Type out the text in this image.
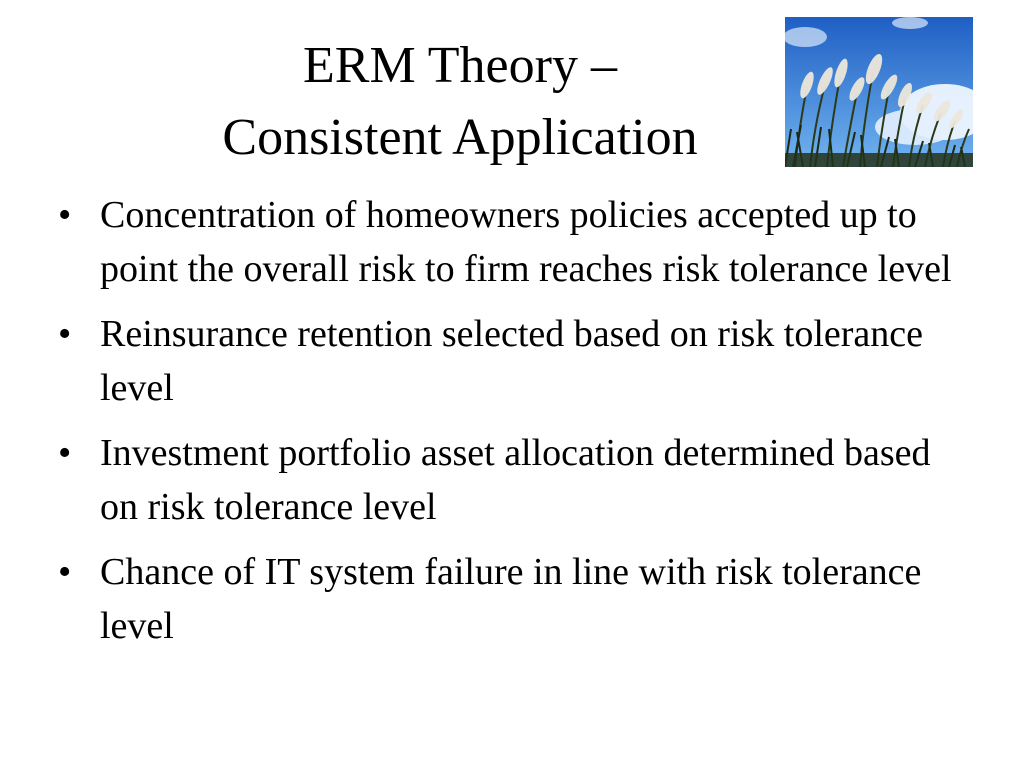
ERM Theory –
Consistent Application
• Concentration of homeowners policies accepted up to point the overall risk to firm reaches risk tolerance level
• Reinsurance retention selected based on risk tolerance level
• Investment portfolio asset allocation determined based on risk tolerance level
• Chance of IT system failure in line with risk tolerance level
